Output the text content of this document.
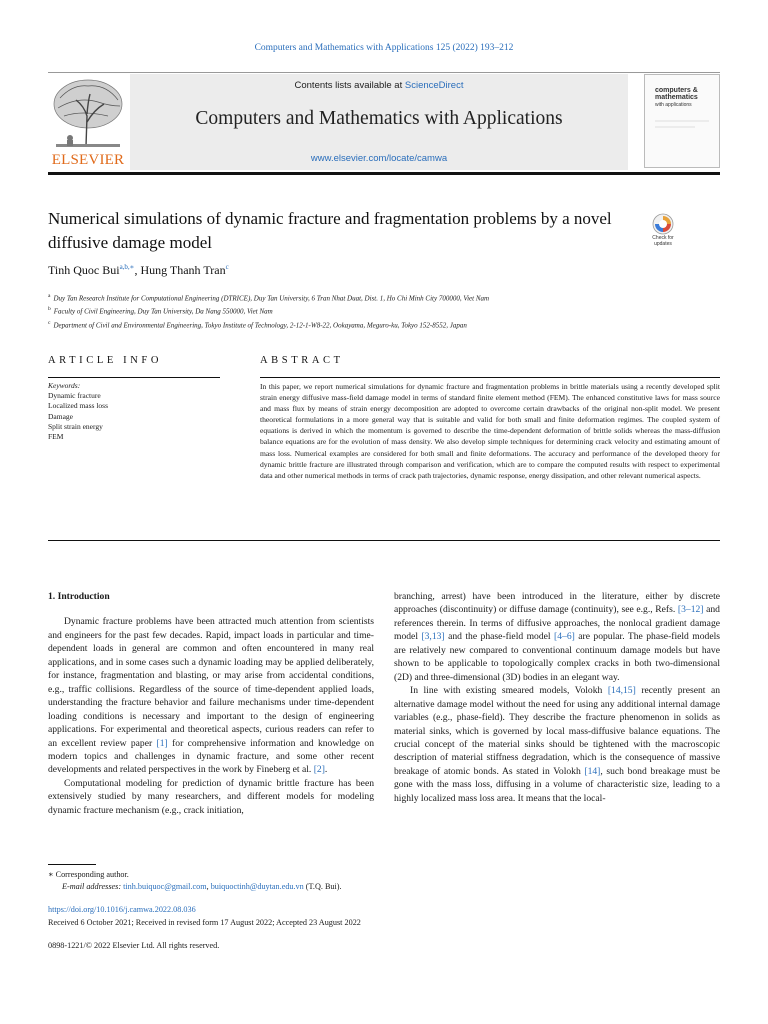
Computers and Mathematics with Applications 125 (2022) 193–212
ELSEVIER
Contents lists available at ScienceDirect
Computers and Mathematics with Applications
www.elsevier.com/locate/camwa
computers &
mathematics
with applications
Numerical simulations of dynamic fracture and fragmentation problems by a novel diffusive damage model	Check for
updates
Tinh Quoc Bui$^{a,b,∗}$, Hung Thanh Tran$^c$
$^a$ Duy Tan Research Institute for Computational Engineering (DTRICE), Duy Tan University, 6 Tran Nhat Duat, Dist. 1, Ho Chi Minh City 700000, Viet Nam
$^b$ Faculty of Civil Engineering, Duy Tan University, Da Nang 550000, Viet Nam
$^c$ Department of Civil and Environmental Engineering, Tokyo Institute of Technology, 2-12-1-W8-22, Ookayama, Meguro-ku, Tokyo 152-8552, Japan
ARTICLE INFO	ABSTRACT
Keywords:
Dynamic fracture
Localized mass loss
Damage
Split strain energy
FEM
In this paper, we report numerical simulations for dynamic fracture and fragmentation problems in brittle materials using a recently developed split strain energy diffusive mass-field damage model in terms of standard finite element method (FEM). The enhanced constitutive laws for mass source and mass flux by means of strain energy decomposition are adopted to overcome certain drawbacks of the original non-split model. We present theoretical formulations in a more general way that is suitable and valid for both small and finite deformation regimes. The coupled system of equations is derived in which the momentum is governed to describe the time-dependent deformation of brittle solids whereas the mass-diffusion balance equations are for the evolution of mass density. We also develop simple techniques for determining crack velocity and estimating amount of mass loss. Numerical examples are considered for both small and finite deformations. The accuracy and performance of the developed theory for dynamic brittle fracture are illustrated through comparison and verification, which are to compare the computed results with respect to experimental data and other numerical methods in terms of crack path trajectories, dynamic response, energy dissipation, and other relevant numerical aspects.
1. Introduction

Dynamic fracture problems have been attracted much attention from scientists and engineers for the past few decades. Rapid, impact loads in particular and time-dependent loads in general are common and often encountered in many real applications, and in some cases such a dynamic loading may be applied deliberately, for instance, fragmentation and blasting, or may arise from accidental conditions, e.g., traffic collisions. Regardless of the source of time-dependent applied loads, understanding the fracture behavior and failure mechanisms under time-dependent loading conditions is necessary and important to the design of engineering applications. For experimental and theoretical aspects, curious readers can refer to an excellent review paper [1] for comprehensive information and knowledge on modern topics and challenges in dynamic fracture, and some other recent developments and related perspectives in the work by Fineberg et al. [2].

Computational modeling for prediction of dynamic brittle fracture has been extensively studied by many researchers, and different models for modeling dynamic fracture mechanism (e.g., crack initiation,

branching, arrest) have been introduced in the literature, either by discrete approaches (discontinuity) or diffuse damage (continuity), see e.g., Refs. [3–12] and references therein. In terms of diffusive approaches, the nonlocal gradient damage model [3,13] and the phase-field model [4–6] are popular. The phase-field models are relatively new compared to conventional continuum damage models but have shown to be applicable to topologically complex cracks in both two-dimensional (2D) and three-dimensional (3D) bodies in an elegant way.

In line with existing smeared models, Volokh [14,15] recently present an alternative damage model without the need for using any additional internal damage variables (e.g., phase-field). They describe the fracture phenomenon in solids as material sinks, which is governed by local mass-diffusive balance equations. The crucial concept of the material sinks should be tightened with the macroscopic description of material stiffness degradation, which is the consequence of massive breakage of atomic bonds. As stated in Volokh [14], such bond breakage must be gone with the mass loss, diffusing in a volume of characteristic size, leading to a highly localized mass loss area. It means that the local-

∗ Corresponding author.
E-mail addresses: tinh.buiquoc@gmail.com, buiquoctinh@duytan.edu.vn (T.Q. Bui).
https://doi.org/10.1016/j.camwa.2022.08.036
Received 6 October 2021; Received in revised form 17 August 2022; Accepted 23 August 2022
0898-1221/© 2022 Elsevier Ltd. All rights reserved.
